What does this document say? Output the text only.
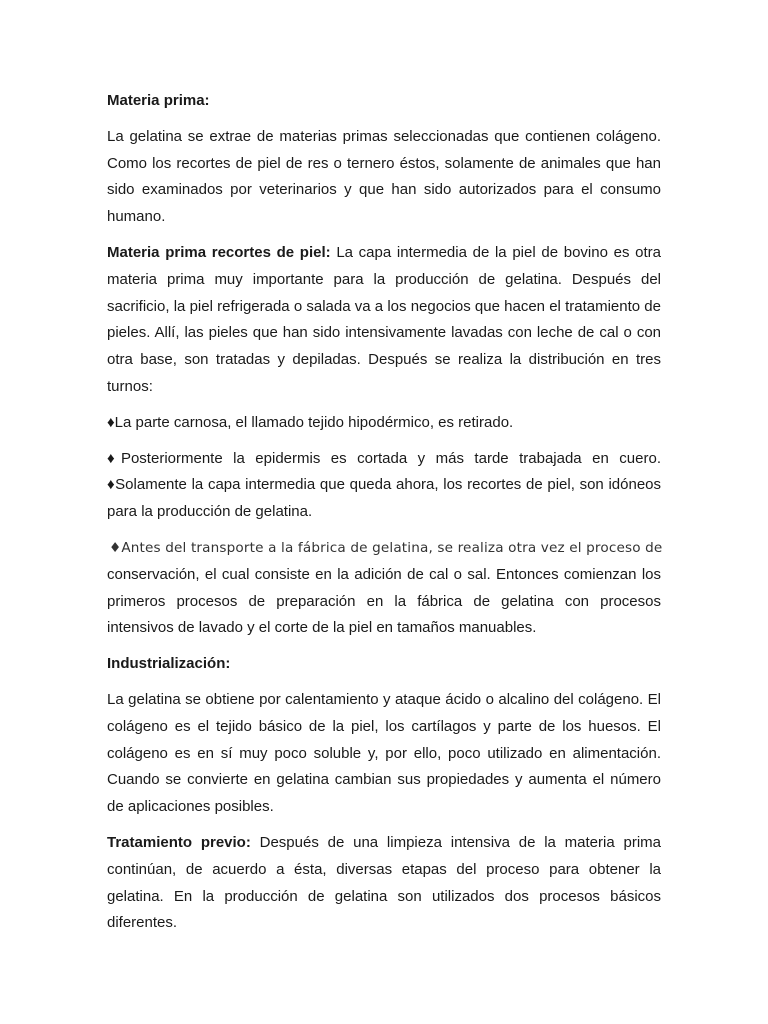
Materia prima:

La gelatina se extrae de materias primas seleccionadas que contienen colágeno. Como los recortes de piel de res o ternero éstos, solamente de animales que han sido examinados por veterinarios y que han sido autorizados para el consumo humano.

Materia prima recortes de piel: La capa intermedia de la piel de bovino es otra materia prima muy importante para la producción de gelatina. Después del sacrificio, la piel refrigerada o salada va a los negocios que hacen el tratamiento de pieles. Allí, las pieles que han sido intensivamente lavadas con leche de cal o con otra base, son tratadas y depiladas. Después se realiza la distribución en tres turnos:

♦La parte carnosa, el llamado tejido hipodérmico, es retirado.

♦Posteriormente la epidermis es cortada y más tarde trabajada en cuero.
♦Solamente la capa intermedia que queda ahora, los recortes de piel, son idóneos para la producción de gelatina.
♦Antes del transporte a la fábrica de gelatina, se realiza otra vez el proceso de
conservación, el cual consiste en la adición de cal o sal. Entonces comienzan los primeros procesos de preparación en la fábrica de gelatina con procesos intensivos de lavado y el corte de la piel en tamaños manuables.

Industrialización:

La gelatina se obtiene por calentamiento y ataque ácido o alcalino del colágeno. El colágeno es el tejido básico de la piel, los cartílagos y parte de los huesos. El colágeno es en sí muy poco soluble y, por ello, poco utilizado en alimentación. Cuando se convierte en gelatina cambian sus propiedades y aumenta el número de aplicaciones posibles.

Tratamiento previo: Después de una limpieza intensiva de la materia prima continúan, de acuerdo a ésta, diversas etapas del proceso para obtener la gelatina. En la producción de gelatina son utilizados dos procesos básicos diferentes.
